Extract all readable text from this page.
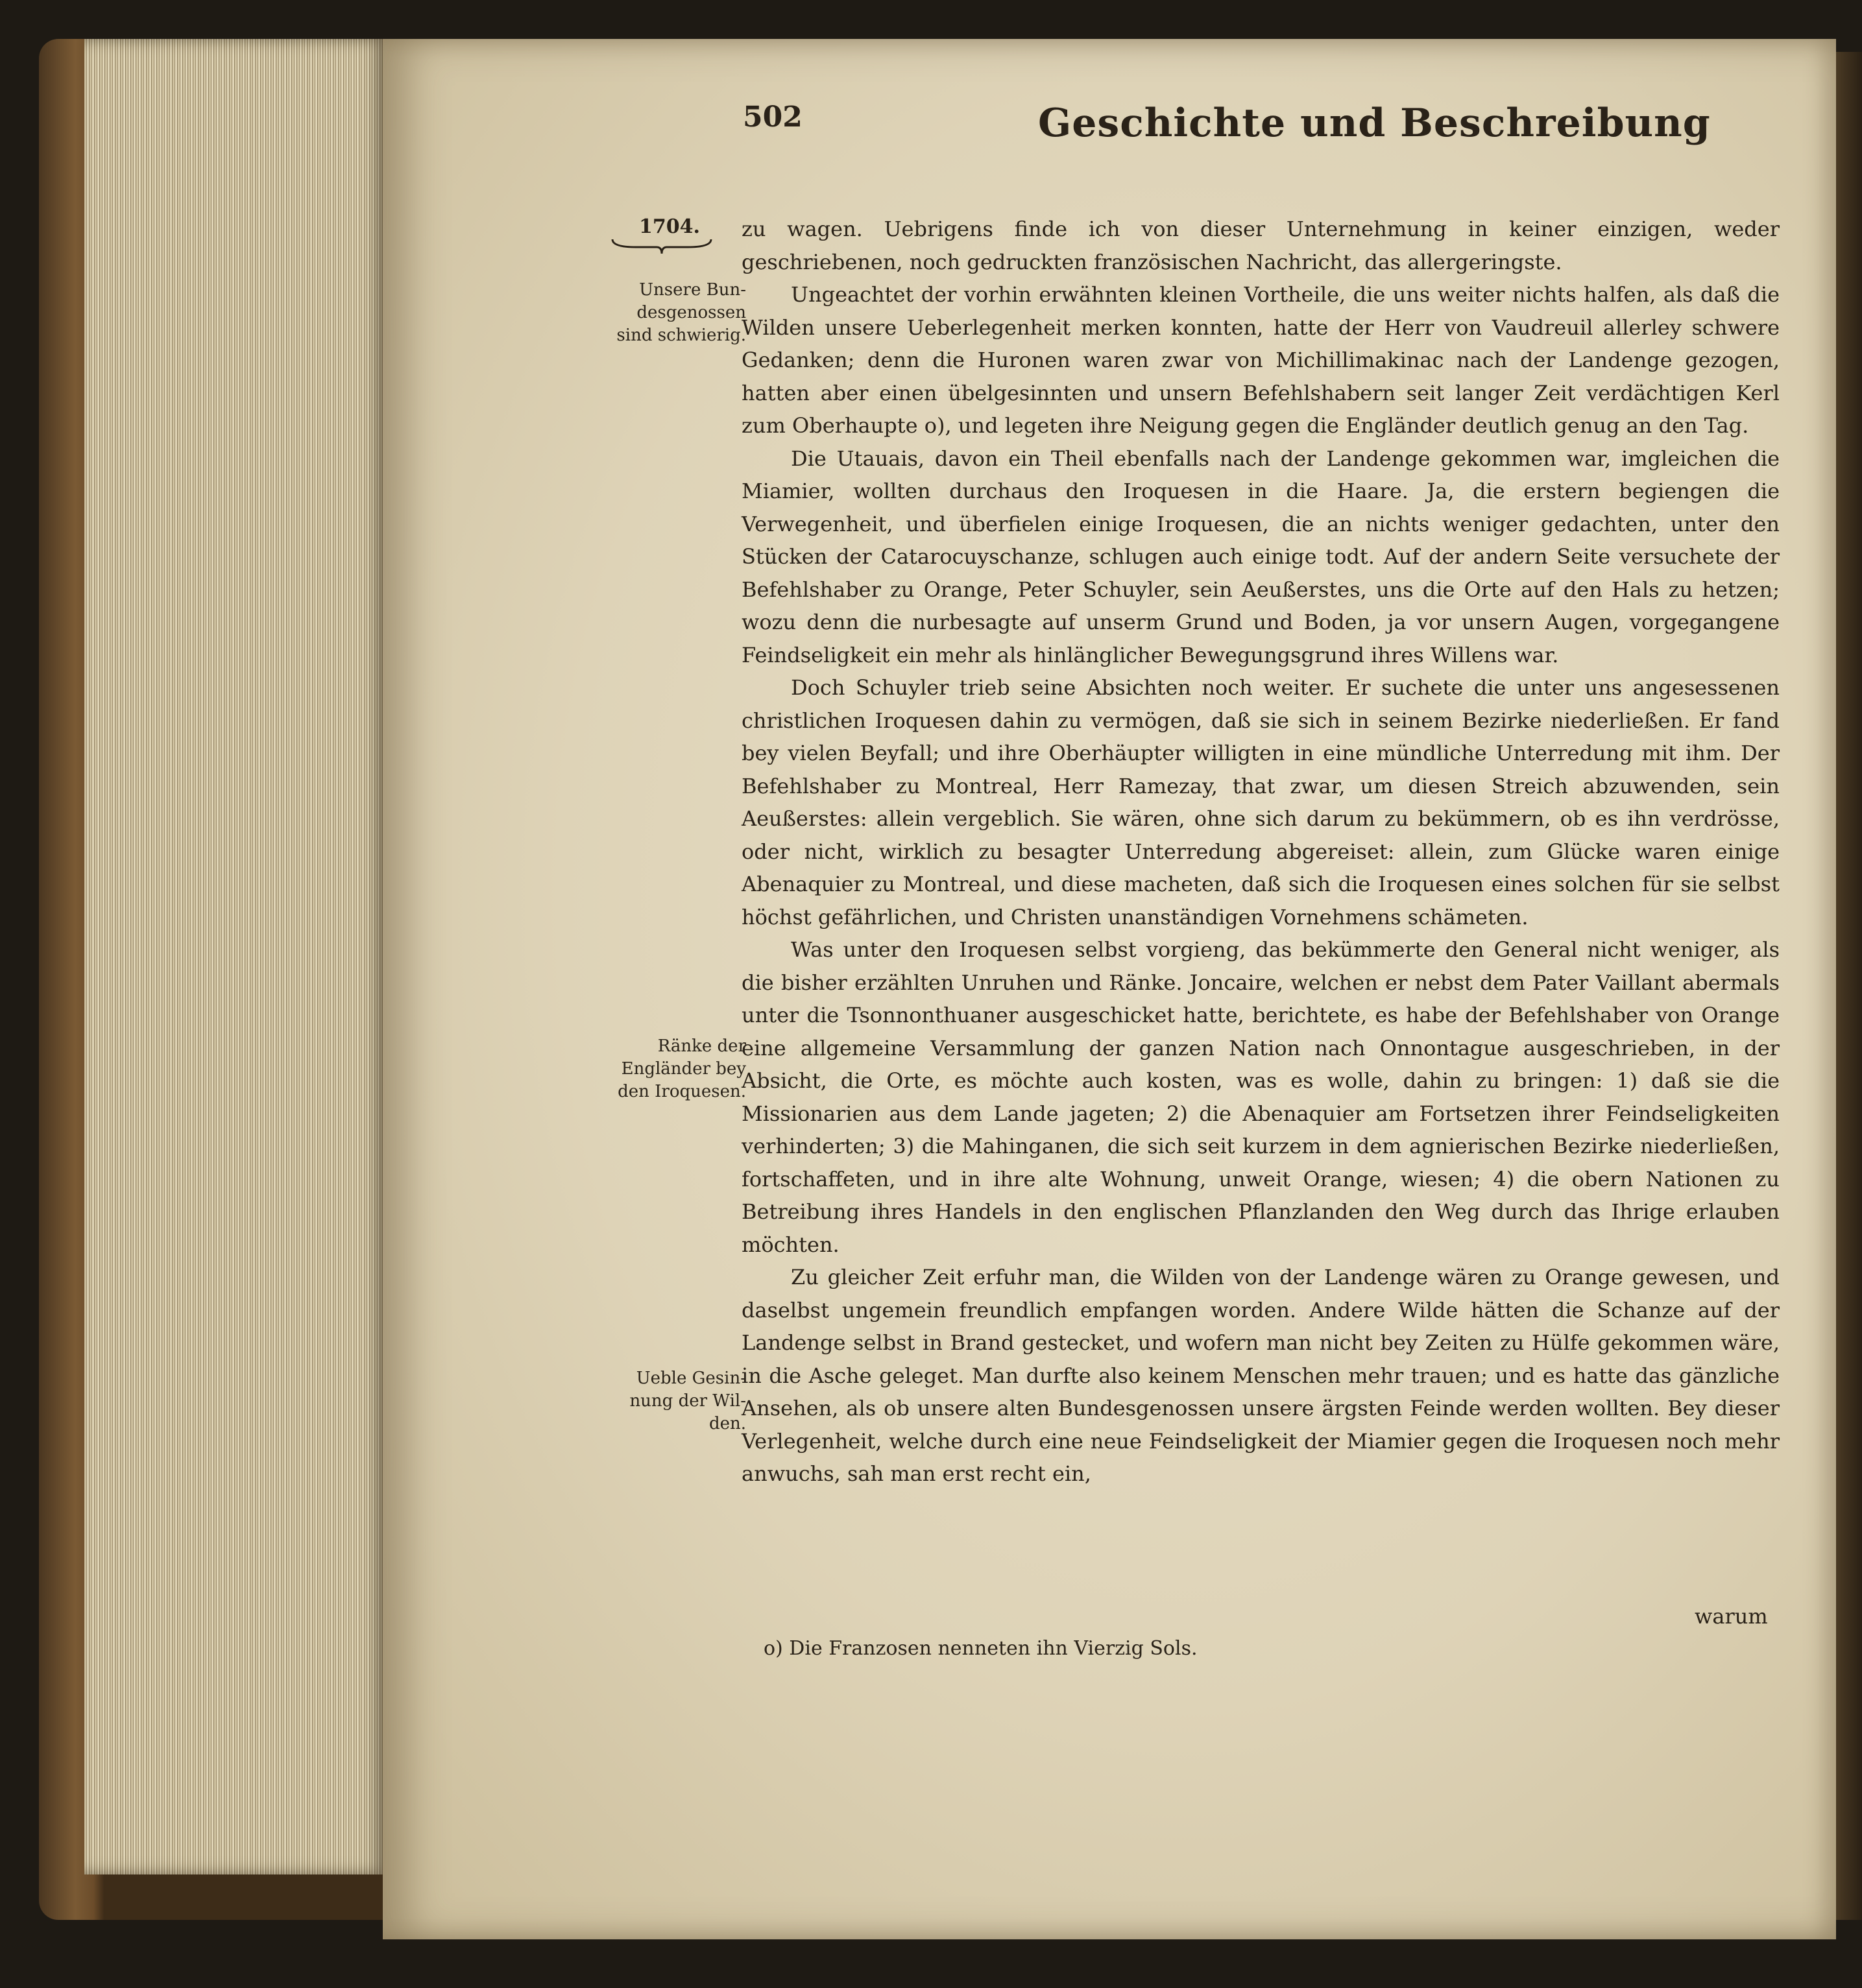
502	Geschichte und Beschreibung
1704.
Unsere Bun-
desgenossen
sind schwierig.
Ränke der
Engländer bey
den Iroquesen.
Ueble Gesin-
nung der Wil-
den.

zu wagen. Uebrigens finde ich von dieser Unternehmung in keiner einzigen, weder geschriebenen, noch gedruckten französischen Nachricht, das allergeringste.

Ungeachtet der vorhin erwähnten kleinen Vortheile, die uns weiter nichts halfen, als daß die Wilden unsere Ueberlegenheit merken konnten, hatte der Herr von Vaudreuil allerley schwere Gedanken; denn die Huronen waren zwar von Michillimakinac nach der Landenge gezogen, hatten aber einen übelgesinnten und unsern Befehlshabern seit langer Zeit verdächtigen Kerl zum Oberhaupte o), und legeten ihre Neigung gegen die Engländer deutlich genug an den Tag.

Die Utauais, davon ein Theil ebenfalls nach der Landenge gekommen war, imgleichen die Miamier, wollten durchaus den Iroquesen in die Haare. Ja, die erstern begiengen die Verwegenheit, und überfielen einige Iroquesen, die an nichts weniger gedachten, unter den Stücken der Catarocuyschanze, schlugen auch einige todt. Auf der andern Seite versuchete der Befehlshaber zu Orange, Peter Schuyler, sein Aeußerstes, uns die Orte auf den Hals zu hetzen; wozu denn die nurbesagte auf unserm Grund und Boden, ja vor unsern Augen, vorgegangene Feindseligkeit ein mehr als hinlänglicher Bewegungsgrund ihres Willens war.

Doch Schuyler trieb seine Absichten noch weiter. Er suchete die unter uns angesessenen christlichen Iroquesen dahin zu vermögen, daß sie sich in seinem Bezirke niederließen. Er fand bey vielen Beyfall; und ihre Oberhäupter willigten in eine mündliche Unterredung mit ihm. Der Befehlshaber zu Montreal, Herr Ramezay, that zwar, um diesen Streich abzuwenden, sein Aeußerstes: allein vergeblich. Sie wären, ohne sich darum zu bekümmern, ob es ihn verdrösse, oder nicht, wirklich zu besagter Unterredung abgereiset: allein, zum Glücke waren einige Abenaquier zu Montreal, und diese macheten, daß sich die Iroquesen eines solchen für sie selbst höchst gefährlichen, und Christen unanständigen Vornehmens schämeten.

Was unter den Iroquesen selbst vorgieng, das bekümmerte den General nicht weniger, als die bisher erzählten Unruhen und Ränke. Joncaire, welchen er nebst dem Pater Vaillant abermals unter die Tsonnonthuaner ausgeschicket hatte, berichtete, es habe der Befehlshaber von Orange eine allgemeine Versammlung der ganzen Nation nach Onnontague ausgeschrieben, in der Absicht, die Orte, es möchte auch kosten, was es wolle, dahin zu bringen: 1) daß sie die Missionarien aus dem Lande jageten; 2) die Abenaquier am Fortsetzen ihrer Feindseligkeiten verhinderten; 3) die Mahinganen, die sich seit kurzem in dem agnierischen Bezirke niederließen, fortschaffeten, und in ihre alte Wohnung, unweit Orange, wiesen; 4) die obern Nationen zu Betreibung ihres Handels in den englischen Pflanzlanden den Weg durch das Ihrige erlauben möchten.

Zu gleicher Zeit erfuhr man, die Wilden von der Landenge wären zu Orange gewesen, und daselbst ungemein freundlich empfangen worden. Andere Wilde hätten die Schanze auf der Landenge selbst in Brand gestecket, und wofern man nicht bey Zeiten zu Hülfe gekommen wäre, in die Asche geleget. Man durfte also keinem Menschen mehr trauen; und es hatte das gänzliche Ansehen, als ob unsere alten Bundesgenossen unsere ärgsten Feinde werden wollten. Bey dieser Verlegenheit, welche durch eine neue Feindseligkeit der Miamier gegen die Iroquesen noch mehr anwuchs, sah man erst recht ein,

warum
o) Die Franzosen nenneten ihn Vierzig Sols.
